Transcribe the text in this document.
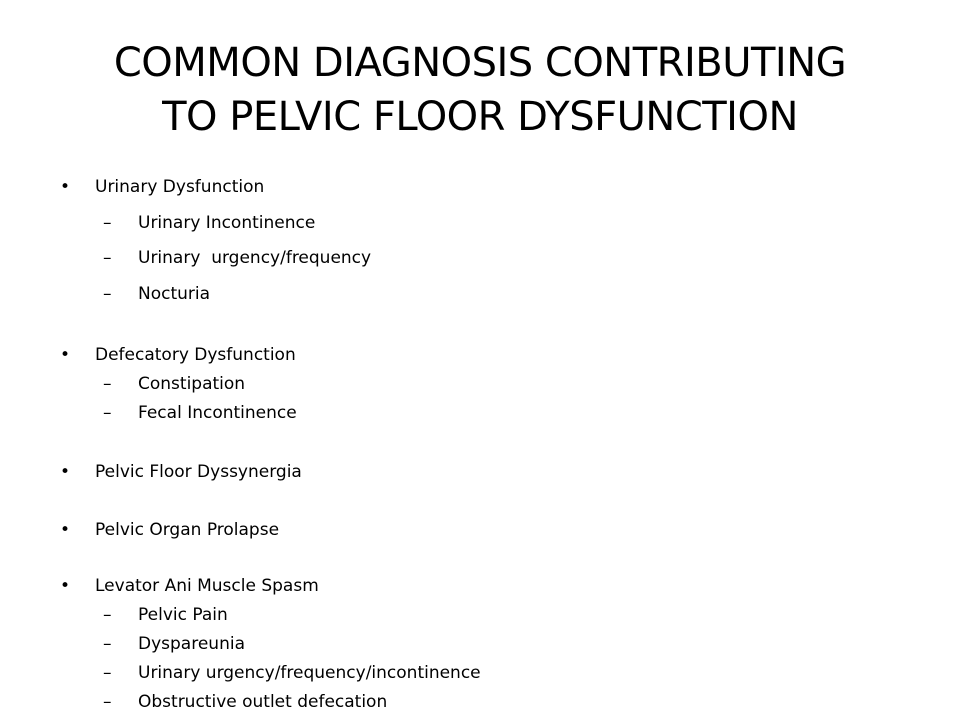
COMMON DIAGNOSIS CONTRIBUTING
TO PELVIC FLOOR DYSFUNCTION
• Urinary Dysfunction
– Urinary Incontinence
– Urinary  urgency/frequency
– Nocturia
• Defecatory Dysfunction
– Constipation
– Fecal Incontinence
• Pelvic Floor Dyssynergia
• Pelvic Organ Prolapse
• Levator Ani Muscle Spasm
– Pelvic Pain
– Dyspareunia
– Urinary urgency/frequency/incontinence
– Obstructive outlet defecation
